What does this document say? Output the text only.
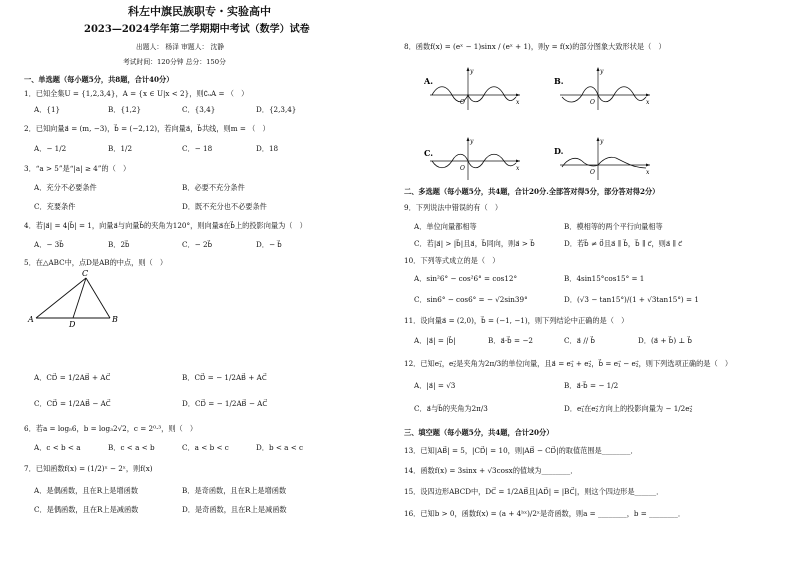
科左中旗民族职专・实验高中
2023—2024学年第二学期期中考试（数学）试卷
出题人： 杨泽 审题人： 沈静
考试时间：120分钟 总分：150分
一、单选题（每小题5分，共8题，合计40分）
1．已知全集U = {1,2,3,4}，A = {x ∈ U|x < 2}，则∁ᵤA = （　）
A．{1}	B．{1,2}	C．{3,4}	D．{2,3,4}
2．已知向量a⃗ = (m, −3)，b⃗ = (−2,12)，若向量a⃗，b⃗共线，则m = （　）
A．− 1/2	B．1/2	C．− 18	D．18
3．“a > 5”是“|a| ≥ 4”的（　）
A．充分不必要条件	B．必要不充分条件
C．充要条件	D．既不充分也不必要条件
4．若|a⃗| = 4|b⃗| = 1，向量a⃗与向量b⃗的夹角为120°，则向量a⃗在b⃗上的投影向量为（　）
A．− 3b⃗	B．2b⃗	C．− 2b⃗	D．− b⃗
5．在△ABC中，点D是AB的中点，则（　）
C
A
D
B
A．CD⃗ = 1/2AB⃗ + AC⃗	B．CD⃗ = − 1/2AB⃗ + AC⃗
C．CD⃗ = 1/2AB⃗ − AC⃗	D．CD⃗ = − 1/2AB⃗ − AC⃗
6．若a = log₅6，b = log₃2√2，c = 2⁰·³，则（　）
A．c < b < a	B．c < a < b	C．a < b < c	D．b < a < c
7．已知函数f(x) = (1/2)ˣ − 2ˣ，则f(x)
A．是偶函数，且在R上是增函数	B．是奇函数，且在R上是增函数
C．是偶函数，且在R上是减函数	D．是奇函数，且在R上是减函数
8．函数f(x) = (eˣ − 1)sinx / (eˣ + 1)，则y = f(x)的部分图象大致形状是（　）
A.
y
x
O
B.
y
x
O
C.
y
x
O
D.
y
x
O
二、多选题（每小题5分，共4题，合计20分.全部答对得5分，部分答对得2分）
9．下列说法中错误的有（　）
A．单位向量都相等	B．模相等的两个平行向量相等
C．若|a⃗| > |b⃗|且a⃗，b⃗同向，则a⃗ > b⃗	D．若b⃗ ≠ 0⃗且a⃗ ∥ b⃗，b⃗ ∥ c⃗，则a⃗ ∥ c⃗
10．下列等式成立的是（　）
A．sin²6° − cos²6° = cos12°	B．4sin15°cos15° = 1
C．sin6° − cos6° = − √2sin39°	D．(√3 − tan15°)/(1 + √3tan15°) = 1
11．设向量a⃗ = (2,0)，b⃗ = (−1, −1)，则下列结论中正确的是（　）
A．|a⃗| = |b⃗|	B．a⃗·b⃗ = −2	C．a⃗ // b⃗	D．(a⃗ + b⃗) ⊥ b⃗
12．已知e₁⃗，e₂⃗是夹角为2π/3的单位向量，且a⃗ = e₁⃗ + e₂⃗，b⃗ = e₁⃗ − e₂⃗，则下列选项正确的是（　）
A．|a⃗| = √3	B．a⃗·b⃗ = − 1/2
C．a⃗与b⃗的夹角为2π/3	D．e₁⃗在e₂⃗方向上的投影向量为 − 1/2e₂⃗
三、填空题（每小题5分，共4题，合计20分）
13．已知|AB⃗| = 5，|CD⃗| = 10，则|AB⃗ − CD⃗|的取值范围是________．
14．函数f(x) = 3sinx + √3cosx的值域为________．
15．设四边形ABCD中，DC⃗ = 1/2AB⃗且|AD⃗| = |BC⃗|，则这个四边形是______．
16．已知b > 0，函数f(x) = (a + 4ᵇˣ)/2ˣ是奇函数，则a = ________，b = ________．
